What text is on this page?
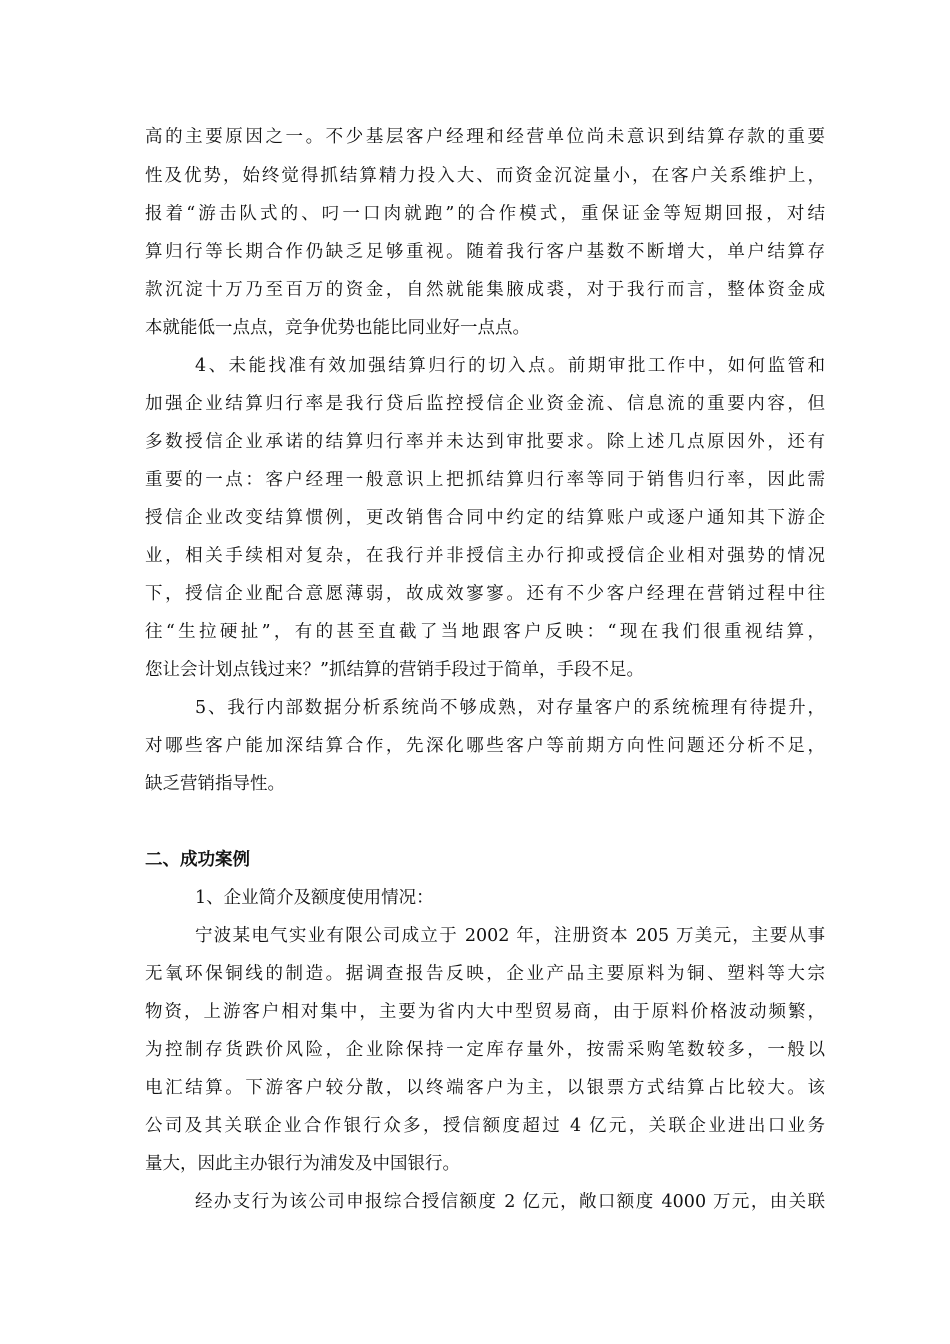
高的主要原因之一。不少基层客户经理和经营单位尚未意识到结算存款的重要
性及优势，始终觉得抓结算精力投入大、而资金沉淀量小，在客户关系维护上，
报着“游击队式的、叼一口肉就跑”的合作模式，重保证金等短期回报，对结
算归行等长期合作仍缺乏足够重视。随着我行客户基数不断增大，单户结算存
款沉淀十万乃至百万的资金，自然就能集腋成裘，对于我行而言，整体资金成
本就能低一点点，竞争优势也能比同业好一点点。
4、未能找准有效加强结算归行的切入点。前期审批工作中，如何监管和
加强企业结算归行率是我行贷后监控授信企业资金流、信息流的重要内容，但
多数授信企业承诺的结算归行率并未达到审批要求。除上述几点原因外，还有
重要的一点：客户经理一般意识上把抓结算归行率等同于销售归行率，因此需
授信企业改变结算惯例，更改销售合同中约定的结算账户或逐户通知其下游企
业，相关手续相对复杂，在我行并非授信主办行抑或授信企业相对强势的情况
下，授信企业配合意愿薄弱，故成效寥寥。还有不少客户经理在营销过程中往
往“生拉硬扯”，有的甚至直截了当地跟客户反映：“现在我们很重视结算，
您让会计划点钱过来？”抓结算的营销手段过于简单，手段不足。
5、我行内部数据分析系统尚不够成熟，对存量客户的系统梳理有待提升，
对哪些客户能加深结算合作，先深化哪些客户等前期方向性问题还分析不足，
缺乏营销指导性。
二、成功案例
1、企业简介及额度使用情况：
宁波某电气实业有限公司成立于 2002 年，注册资本 205 万美元，主要从事
无氧环保铜线的制造。据调查报告反映，企业产品主要原料为铜、塑料等大宗
物资，上游客户相对集中，主要为省内大中型贸易商，由于原料价格波动频繁，
为控制存货跌价风险，企业除保持一定库存量外，按需采购笔数较多，一般以
电汇结算。下游客户较分散，以终端客户为主，以银票方式结算占比较大。该
公司及其关联企业合作银行众多，授信额度超过 4 亿元，关联企业进出口业务
量大，因此主办银行为浦发及中国银行。
经办支行为该公司申报综合授信额度 2 亿元，敞口额度 4000 万元，由关联
